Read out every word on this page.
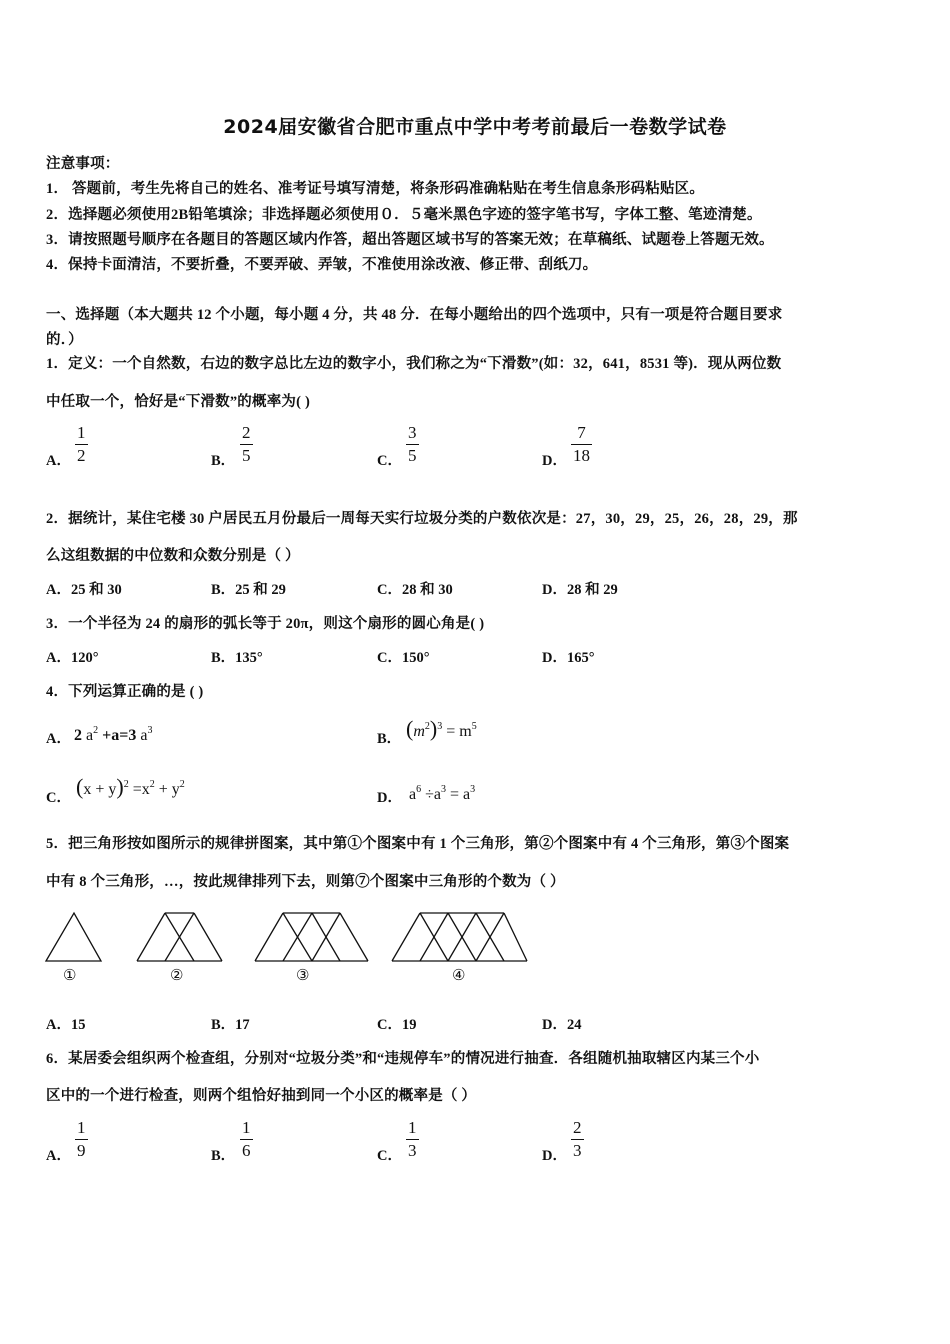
2024届安徽省合肥市重点中学中考考前最后一卷数学试卷
注意事项：
1． 答题前，考生先将自己的姓名、准考证号填写清楚，将条形码准确粘贴在考生信息条形码粘贴区。
2．选择题必须使用2B铅笔填涂；非选择题必须使用０．５毫米黑色字迹的签字笔书写，字体工整、笔迹清楚。
3．请按照题号顺序在各题目的答题区域内作答，超出答题区域书写的答案无效；在草稿纸、试题卷上答题无效。
4．保持卡面清洁，不要折叠，不要弄破、弄皱，不准使用涂改液、修正带、刮纸刀。
一、选择题（本大题共 12 个小题，每小题 4 分，共 48 分．在每小题给出的四个选项中，只有一项是符合题目要求
的．）
1．定义：一个自然数，右边的数字总比左边的数字小，我们称之为“下滑数”(如：32，641，8531 等)．现从两位数
中任取一个，恰好是“下滑数”的概率为( )
A．
1
2	B．
2
5	C．
3
5	D．
7
18
2．据统计，某住宅楼 30 户居民五月份最后一周每天实行垃圾分类的户数依次是：27，30，29，25，26，28，29，那
么这组数据的中位数和众数分别是（ ）
A．25 和 30	B．25 和 29	C．28 和 30	D．28 和 29
3．一个半径为 24 的扇形的弧长等于 20π，则这个扇形的圆心角是( )
A．120°	B．135°	C．150°	D．165°
4．下列运算正确的是 ( )
A． 2 $a^2 +a=3$ $a^3$
B． $(m^2)^3 = m^5$
C． $(x + y)^2 =x^2 + y^2$
D． $a^6 \div a^3 = a^3$
5．把三角形按如图所示的规律拼图案，其中第①个图案中有 1 个三角形，第②个图案中有 4 个三角形，第③个图案
中有 8 个三角形，…，按此规律排列下去，则第⑦个图案中三角形的个数为（ ）
①	②	③	④
A．15	B．17	C．19	D．24
6．某居委会组织两个检查组，分别对“垃圾分类”和“违规停车”的情况进行抽查．各组随机抽取辖区内某三个小
区中的一个进行检查，则两个组恰好抽到同一个小区的概率是（ ）
A．
1
9	B．
1
6	C．
1
3	D．
2
3
